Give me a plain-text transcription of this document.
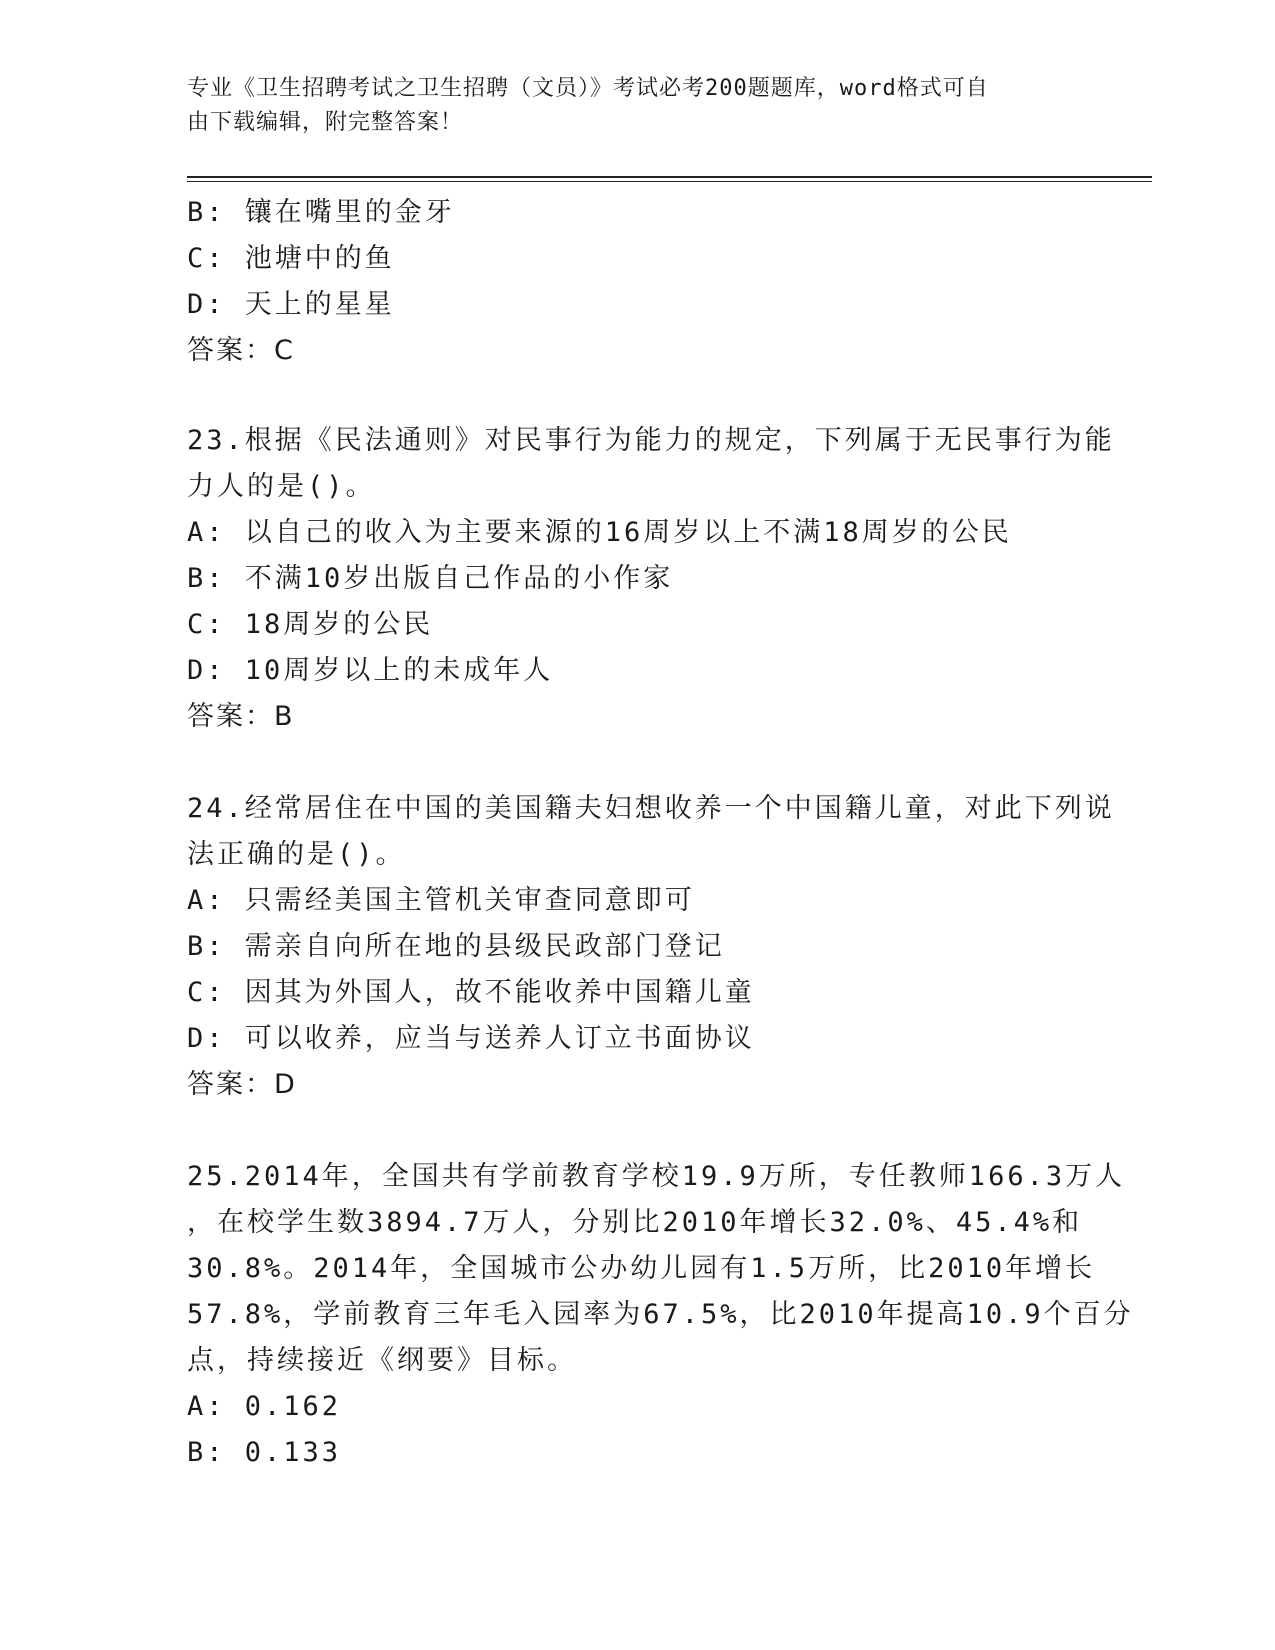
专业《卫生招聘考试之卫生招聘（文员）》考试必考200题题库，word格式可自
由下载编辑，附完整答案！
B: 镶在嘴里的金牙
C: 池塘中的鱼
D: 天上的星星
答案：C
23.根据《民法通则》对民事行为能力的规定，下列属于无民事行为能
力人的是()。
A: 以自己的收入为主要来源的16周岁以上不满18周岁的公民
B: 不满10岁出版自己作品的小作家
C: 18周岁的公民
D: 10周岁以上的未成年人
答案：B
24.经常居住在中国的美国籍夫妇想收养一个中国籍儿童，对此下列说
法正确的是()。
A: 只需经美国主管机关审查同意即可
B: 需亲自向所在地的县级民政部门登记
C: 因其为外国人，故不能收养中国籍儿童
D: 可以收养，应当与送养人订立书面协议
答案：D
25.2014年，全国共有学前教育学校19.9万所，专任教师166.3万人
，在校学生数3894.7万人，分别比2010年增长32.0%、45.4%和
30.8%。2014年，全国城市公办幼儿园有1.5万所，比2010年增长
57.8%，学前教育三年毛入园率为67.5%，比2010年提高10.9个百分
点，持续接近《纲要》目标。
A: 0.162
B: 0.133
